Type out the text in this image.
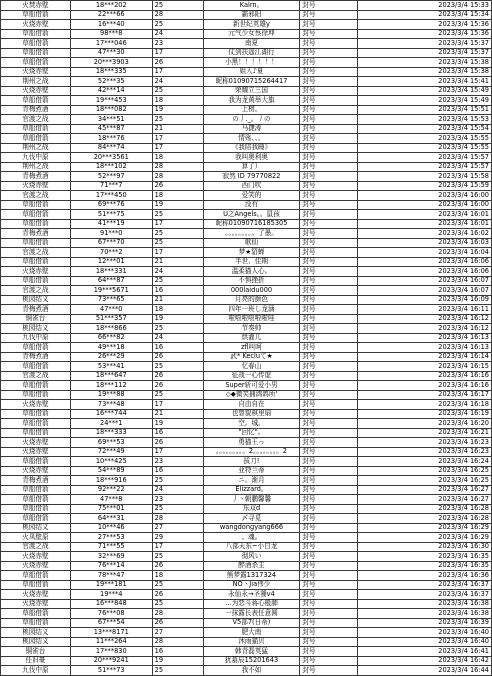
火焚赤壁	18***202	25	Kalrn。	封号	2023/3/4 15:33
草船借箭	22***66	28	霸邪阳	封号	2023/3/4 15:34
火烧赤壁	16***40	25	新世纪英雄y	封号	2023/3/4 15:36
草船借箭	98***8	24	元气少女蔡徐坤	封号	2023/3/4 15:36
草船借箭	17***046	23	南夏	封号	2023/3/4 15:37
草船借箭	47***30	17	仗剑扶遥江湖行	封号	2023/3/4 15:37
草船借箭	20***3903	26	小黑！！！！！！	封号	2023/3/4 15:38
火烧赤壁	18***335	17	姐入♪夏	封号	2023/3/4 15:38
荆州之战	52***35	24	昵称01090715264417	封号	2023/3/4 15:41
火烧赤壁	42***14	25	荣耀立三国	封号	2023/3/4 15:49
草船借箭	19***453	18	我为龙黄举大旗	封号	2023/3/4 15:49
青梅煮酒	18***082	19	上榜。	封号	2023/3/4 15:51
官渡之战	34***51	25	の丿._。丿の	封号	2023/3/4 15:53
草船借箭	45***87	21	马捷涛	封号	2023/3/4 15:54
草船借箭	18***76	17	情殇、、。	封号	2023/3/4 15:55
荆州之战	84***74	17	《我陪我睡》	封号	2023/3/4 15:55
九伐中原	20***3561	18	我叫奥利奥	封号	2023/3/4 15:57
荆州之战	18***102	28	算了）	封号	2023/3/4 15:57
青梅煮酒	52***97	28	寂然 ID 79770822	封号	2023/3/4 15:58
火烧赤壁	71***7	26	西门吹	封号	2023/3/4 15:59
官渡之战	17***450	18	爱笑的	封号	2023/3/4 16:00
草船借箭	69***76	19	没有	封号	2023/3/4 16:00
草船借箭	51***75	25	U之Angels。。鼠孩	封号	2023/3/4 16:01
草船借箭	41***19	17	昵称01090716185305	封号	2023/3/4 16:01
青梅煮酒	91***0	25	。。。。。。。。。了墨。	封号	2023/3/4 16:02
草船借箭	67***70	25	歌仙	封号	2023/3/4 16:03
官渡之战	70***2	17	梦★貂蝉	封号	2023/3/4 16:04
草船借箭	12***01	21	半世、佳期	封号	2023/3/4 16:06
火烧赤壁	18***331	24	温柔猫人心。	封号	2023/3/4 16:06
草船借箭	64***87	25	不惧挫折	封号	2023/3/4 16:07
官渡之战	19***5671	16	000laidu000	封号	2023/3/4 16:07
桃园结义	73***65	21	月亮的颜色	封号	2023/3/4 16:09
青梅煮酒	47***0	18	四年一班し龙涵	封号	2023/3/4 16:11
铜雀台	51***357	19	啦啦啦啦啦啦哇	封号	2023/3/4 16:12
桃园结义	18***866	25	节奏帅	封号	2023/3/4 16:12
九伐中原	66***82	24	烘灌儿	封号	2023/3/4 16:13
草船借箭	49***18	16	zfl叫呵	封号	2023/3/4 16:13
青梅煮酒	26***29	26	武* Kecluて★	封号	2023/3/4 16:14
草船借箭	53***41	25	忆春山	封号	2023/3/4 16:15
官渡之战	18***647	26	征战一心传虚	封号	2023/3/4 16:16
草船借箭	18***112	26	Super斩可爱小男	封号	2023/3/4 16:16
草船借箭	19***88	25	◇◆微笑捕鸽鸽所'	封号	2023/3/4 16:17
火烧赤壁	73***48	17	自由自在	封号	2023/3/4 16:18
草船借箭	16***744	21	也曾貌棋里扇	封号	2023/3/4 16:19
草船借箭	24***1	19	空。城。	封号	2023/3/4 16:20
草船借箭	18***333	16	"回忆"。	封号	2023/3/4 16:21
火烧赤壁	69***53	26	勇猫王っ	封号	2023/3/4 16:23
火烧赤壁	72***49	17	。。。。。。。。。2。。。。。。。。2	封号	2023/3/4 16:23
草船借箭	10***425	23	拔刀!	封号	2023/3/4 16:24
火烧赤壁	54***89	16	亚特兰蒂	封号	2023/3/4 16:25
青梅煮酒	18***916	25	ニ。渐月	封号	2023/3/4 16:25
草船借箭	92***22	24	Elizzard。	封号	2023/3/4 16:27
草船借箭	47***8	23	丿丶朝鹏馨馨	封号	2023/3/4 16:27
草船借箭	75***01	25	东双d	封号	2023/3/4 16:28
草船借箭	64***31	28	〆寻觅	封号	2023/3/4 16:28
桃园结义	10***46	27	wangdongyang666	封号	2023/3/4 16:29
火凤壁原	27***53	29	。魂。	封号	2023/3/4 16:29
官渡之战	71***55	17	八部天东~小白龙	封号	2023/3/4 16:30
火烧赤壁	32***69	25	彻风い	封号	2023/3/4 16:35
火烧赤壁	76***14	26	醉酒杀主	封号	2023/3/4 16:35
草船借箭	78***47	18	熊梦露1317324	封号	2023/3/4 16:36
草船借箭	19***181	25	NO丶Jia伟少	封号	2023/3/4 16:37
火烧赤壁	19***4	26	永仙永→圣饕v4	封号	2023/3/4 16:37
火烧赤壁	16***848	25	…为恋斗蒋心般肺	封号	2023/3/4 16:38
草船借箭	76***08	28	一抹露长表任意圆	封号	2023/3/4 16:38
草船借箭	67***54	26	V5部7(日蒂)	封号	2023/3/4 16:39
桃园结义	13***8171	27	肥大南	封号	2023/3/4 16:40
桃园结义	11***264	28	沐雨猫贝	封号	2023/3/4 16:40
铜雀台	17***830	16	韩青磊英猛	封号	2023/3/4 16:41
任旧豪	20***9241	19	犹墓辰15201643	封号	2023/3/4 16:42
九伐中原	51***73	25	我不如	封号	2023/3/4 16:44
